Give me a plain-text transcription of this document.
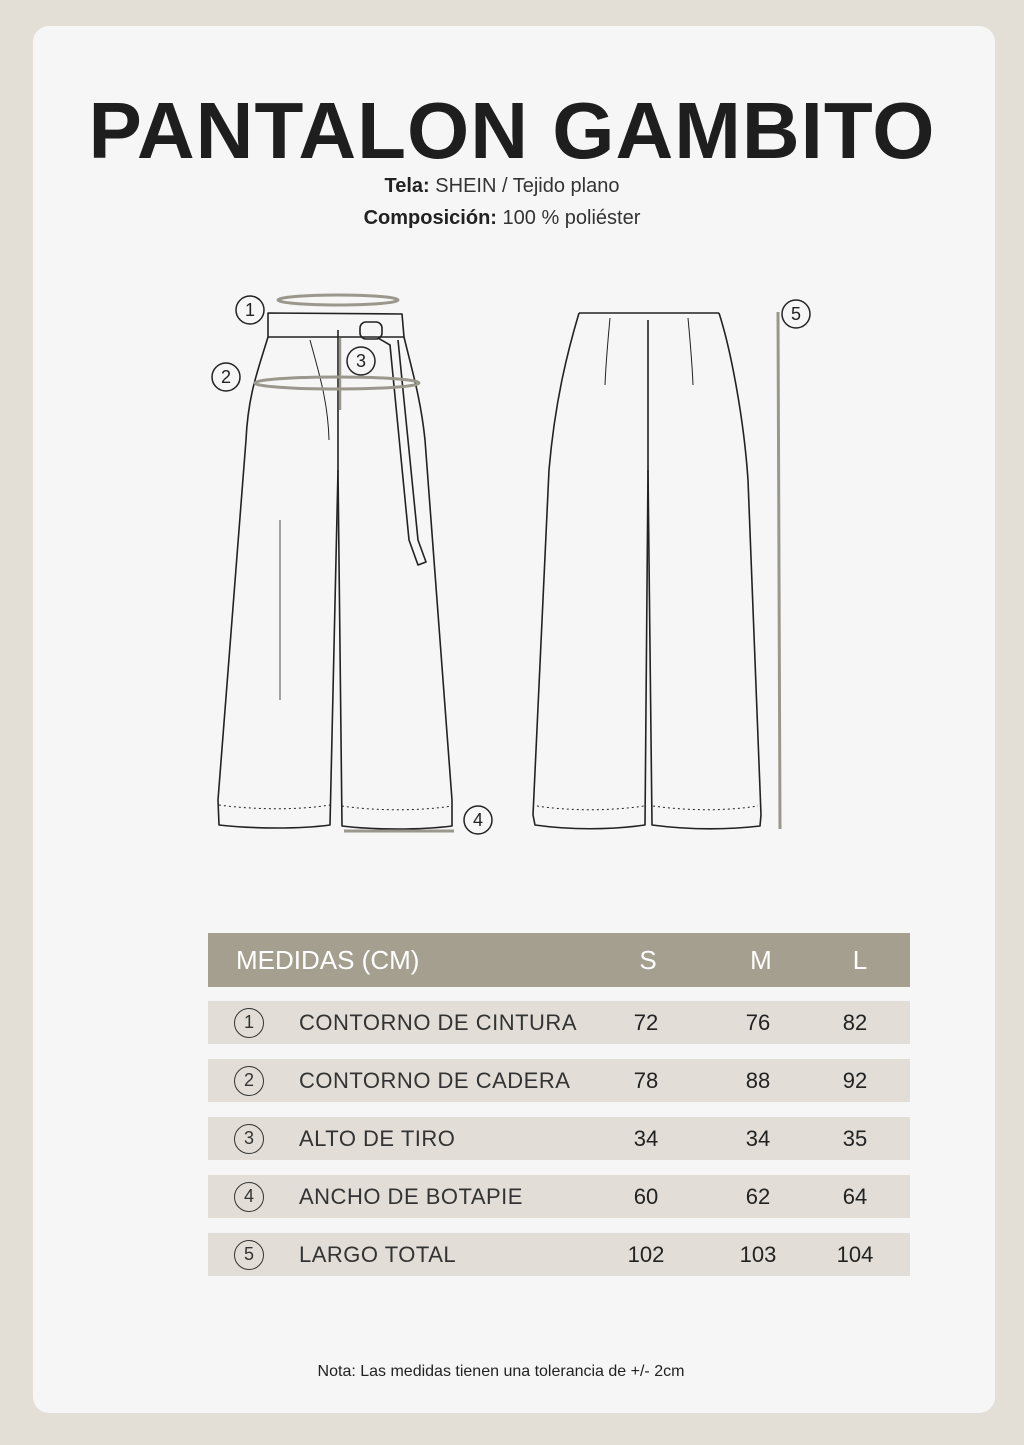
PANTALON GAMBITO
Tela: SHEIN / Tejido plano
Composición: 100 % poliéster
1
2
3
4
5
MEDIDAS (CM)	S	M	L
1	CONTORNO DE CINTURA	72	76	82
2	CONTORNO DE CADERA	78	88	92
3	ALTO DE TIRO	34	34	35
4	ANCHO DE BOTAPIE	60	62	64
5	LARGO TOTAL	102	103	104
Nota: Las medidas tienen una tolerancia de +/- 2cm
